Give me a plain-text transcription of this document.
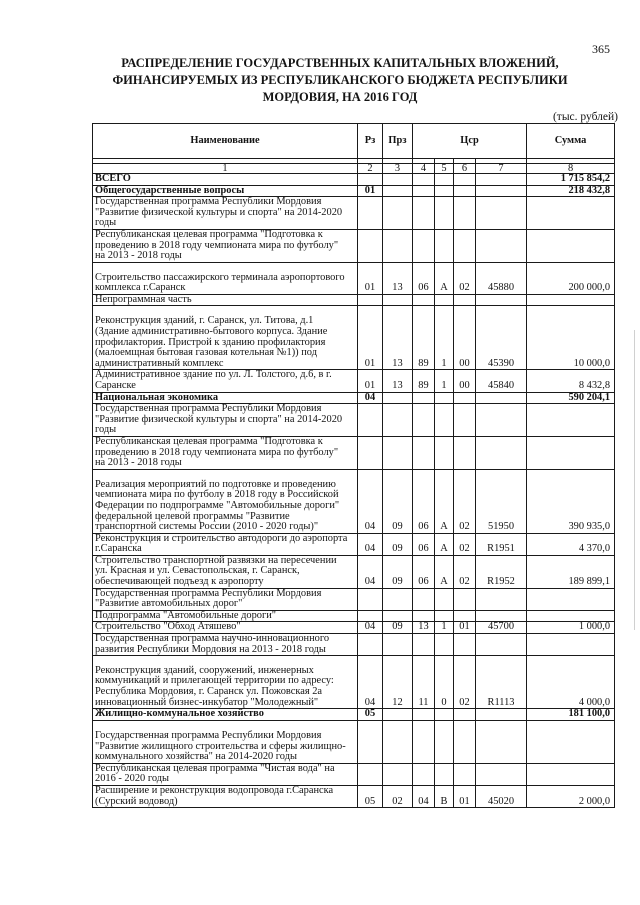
365
РАСПРЕДЕЛЕНИЕ ГОСУДАРСТВЕННЫХ КАПИТАЛЬНЫХ ВЛОЖЕНИЙ,
ФИНАНСИРУЕМЫХ ИЗ РЕСПУБЛИКАНСКОГО БЮДЖЕТА РЕСПУБЛИКИ
МОРДОВИЯ, НА 2016 ГОД
(тыс. рублей)
Наименование	Рз	Прз	Цср				Сумма

1	2	3	4	5	6	7	8

ВСЕГО							1 715 854,2

Общегосударственные вопросы	01						218 432,8

Государственная программа Республики Мордовия
"Развитие физической культуры и спорта" на 2014-2020
годы							

Республиканская целевая программа "Подготовка к
проведению в 2018 году чемпионата мира по футболу"
на 2013 - 2018 годы							

Строительство пассажирского терминала аэропортового
комплекса г.Саранск	01	13	06	А	02	45880	200 000,0

Непрограммная часть							

Реконструкция зданий, г. Саранск, ул. Титова, д.1
(Здание административно-бытового корпуса. Здание
профилактория. Пристрой к зданию профилактория
(малоемщная бытовая газовая котельная №1)) под
административный комплекс	01	13	89	1	00	45390	10 000,0

Административное здание по ул. Л. Толстого, д.6, в г.
Саранске	01	13	89	1	00	45840	8 432,8

Национальная экономика	04						590 204,1

Государственная программа Республики Мордовия
"Развитие физической культуры и спорта" на 2014-2020
годы							

Республиканская целевая программа "Подготовка к
проведению в 2018 году чемпионата мира по футболу"
на 2013 - 2018 годы							

Реализация мероприятий по подготовке и проведению
чемпионата мира по футболу в 2018 году в Российской
Федерации по подпрограмме "Автомобильные дороги"
федеральной целевой программы "Развитие
транспортной системы России (2010 - 2020 годы)"	04	09	06	А	02	51950	390 935,0

Реконструкция и строительство автодороги до аэропорта
г.Саранска	04	09	06	А	02	R1951	4 370,0

Строительство транспортной развязки на пересечении
ул. Красная и ул. Севастопольская, г. Саранск,
обеспечивающей подъезд к аэропорту	04	09	06	А	02	R1952	189 899,1

Государственная программа Республики Мордовия
"Развитие автомобильных дорог"							

Подпрограмма "Автомобильные дороги"							

Строительство "Обход Атяшево"	04	09	13	1	01	45700	1 000,0

Государственная программа научно-инновационного
развития Республики Мордовия на 2013 - 2018 годы							

Реконструкция зданий, сооружений, инженерных
коммуникаций и прилегающей территории по адресу:
Республика Мордовия, г. Саранск ул. Пожовская 2а
инновационный бизнес-инкубатор "Молодежный"	04	12	11	0	02	R1113	4 000,0

Жилищно-коммунальное хозяйство	05						181 100,0

Государственная программа Республики Мордовия
"Развитие жилищного строительства и сферы жилищно-
коммунального хозяйства" на 2014-2020 годы							

Республиканская целевая программа "Чистая вода" на
2016 - 2020 годы							

Расширение и реконструкция водопровода г.Саранска
(Сурский водовод)	05	02	04	В	01	45020	2 000,0
